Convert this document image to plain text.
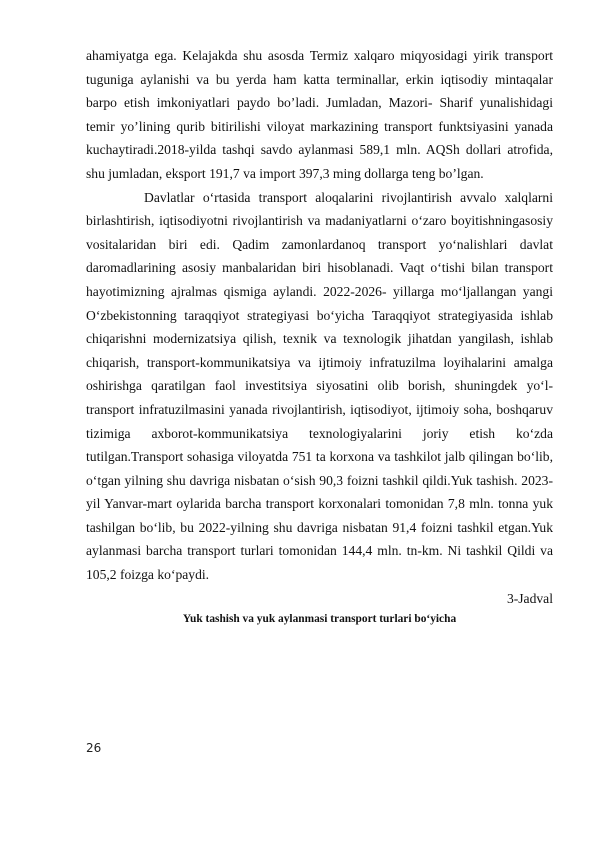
ahamiyatga ega. Kelajakda shu asosda Termiz xalqaro miqyosidagi yirik transport tuguniga aylanishi va bu yerda ham katta terminallar, erkin iqtisodiy mintaqalar barpo etish imkoniyatlari paydo bo’ladi. Jumladan, Mazori- Sharif yunalishidagi temir yo’lining qurib bitirilishi viloyat markazining transport funktsiyasini yanada kuchaytiradi.2018-yilda tashqi savdo aylanmasi 589,1 mln. AQSh dollari atrofida, shu jumladan, eksport 191,7 va import 397,3 ming dollarga teng bo’lgan.

Davlatlar o‘rtasida transport aloqalarini rivojlantirish avvalo xalqlarni birlashtirish, iqtisodiyotni rivojlantirish va madaniyatlarni o‘zaro boyitishningasosiy vositalaridan biri edi. Qadim zamonlardanoq transport yo‘nalishlari davlat daromadlarining asosiy manbalaridan biri hisoblanadi. Vaqt o‘tishi bilan transport hayotimizning ajralmas qismiga aylandi. 2022-2026- yillarga mo‘ljallangan yangi O‘zbekistonning taraqqiyot strategiyasi bo‘yicha Taraqqiyot strategiyasida ishlab chiqarishni modernizatsiya qilish, texnik va texnologik jihatdan yangilash, ishlab chiqarish, transport-kommunikatsiya va ijtimoiy infratuzilma loyihalarini amalga oshirishga qaratilgan faol investitsiya siyosatini olib borish, shuningdek yo‘l-transport infratuzilmasini yanada rivojlantirish, iqtisodiyot, ijtimoiy soha, boshqaruv tizimiga axborot-kommunikatsiya texnologiyalarini joriy etish ko‘zda tutilgan.Transport sohasiga viloyatda 751 ta korxona va tashkilot jalb qilingan bo‘lib, o‘tgan yilning shu davriga nisbatan o‘sish 90,3 foizni tashkil qildi.Yuk tashish. 2023- yil Yanvar-mart oylarida barcha transport korxonalari tomonidan 7,8 mln. tonna yuk tashilgan bo‘lib, bu 2022-yilning shu davriga nisbatan 91,4 foizni tashkil etgan.Yuk aylanmasi barcha transport turlari tomonidan 144,4 mln. tn-km. Ni tashkil Qildi va 105,2 foizga ko‘paydi.

3-Jadval
Yuk tashish va yuk aylanmasi transport turlari bo‘yicha
26
